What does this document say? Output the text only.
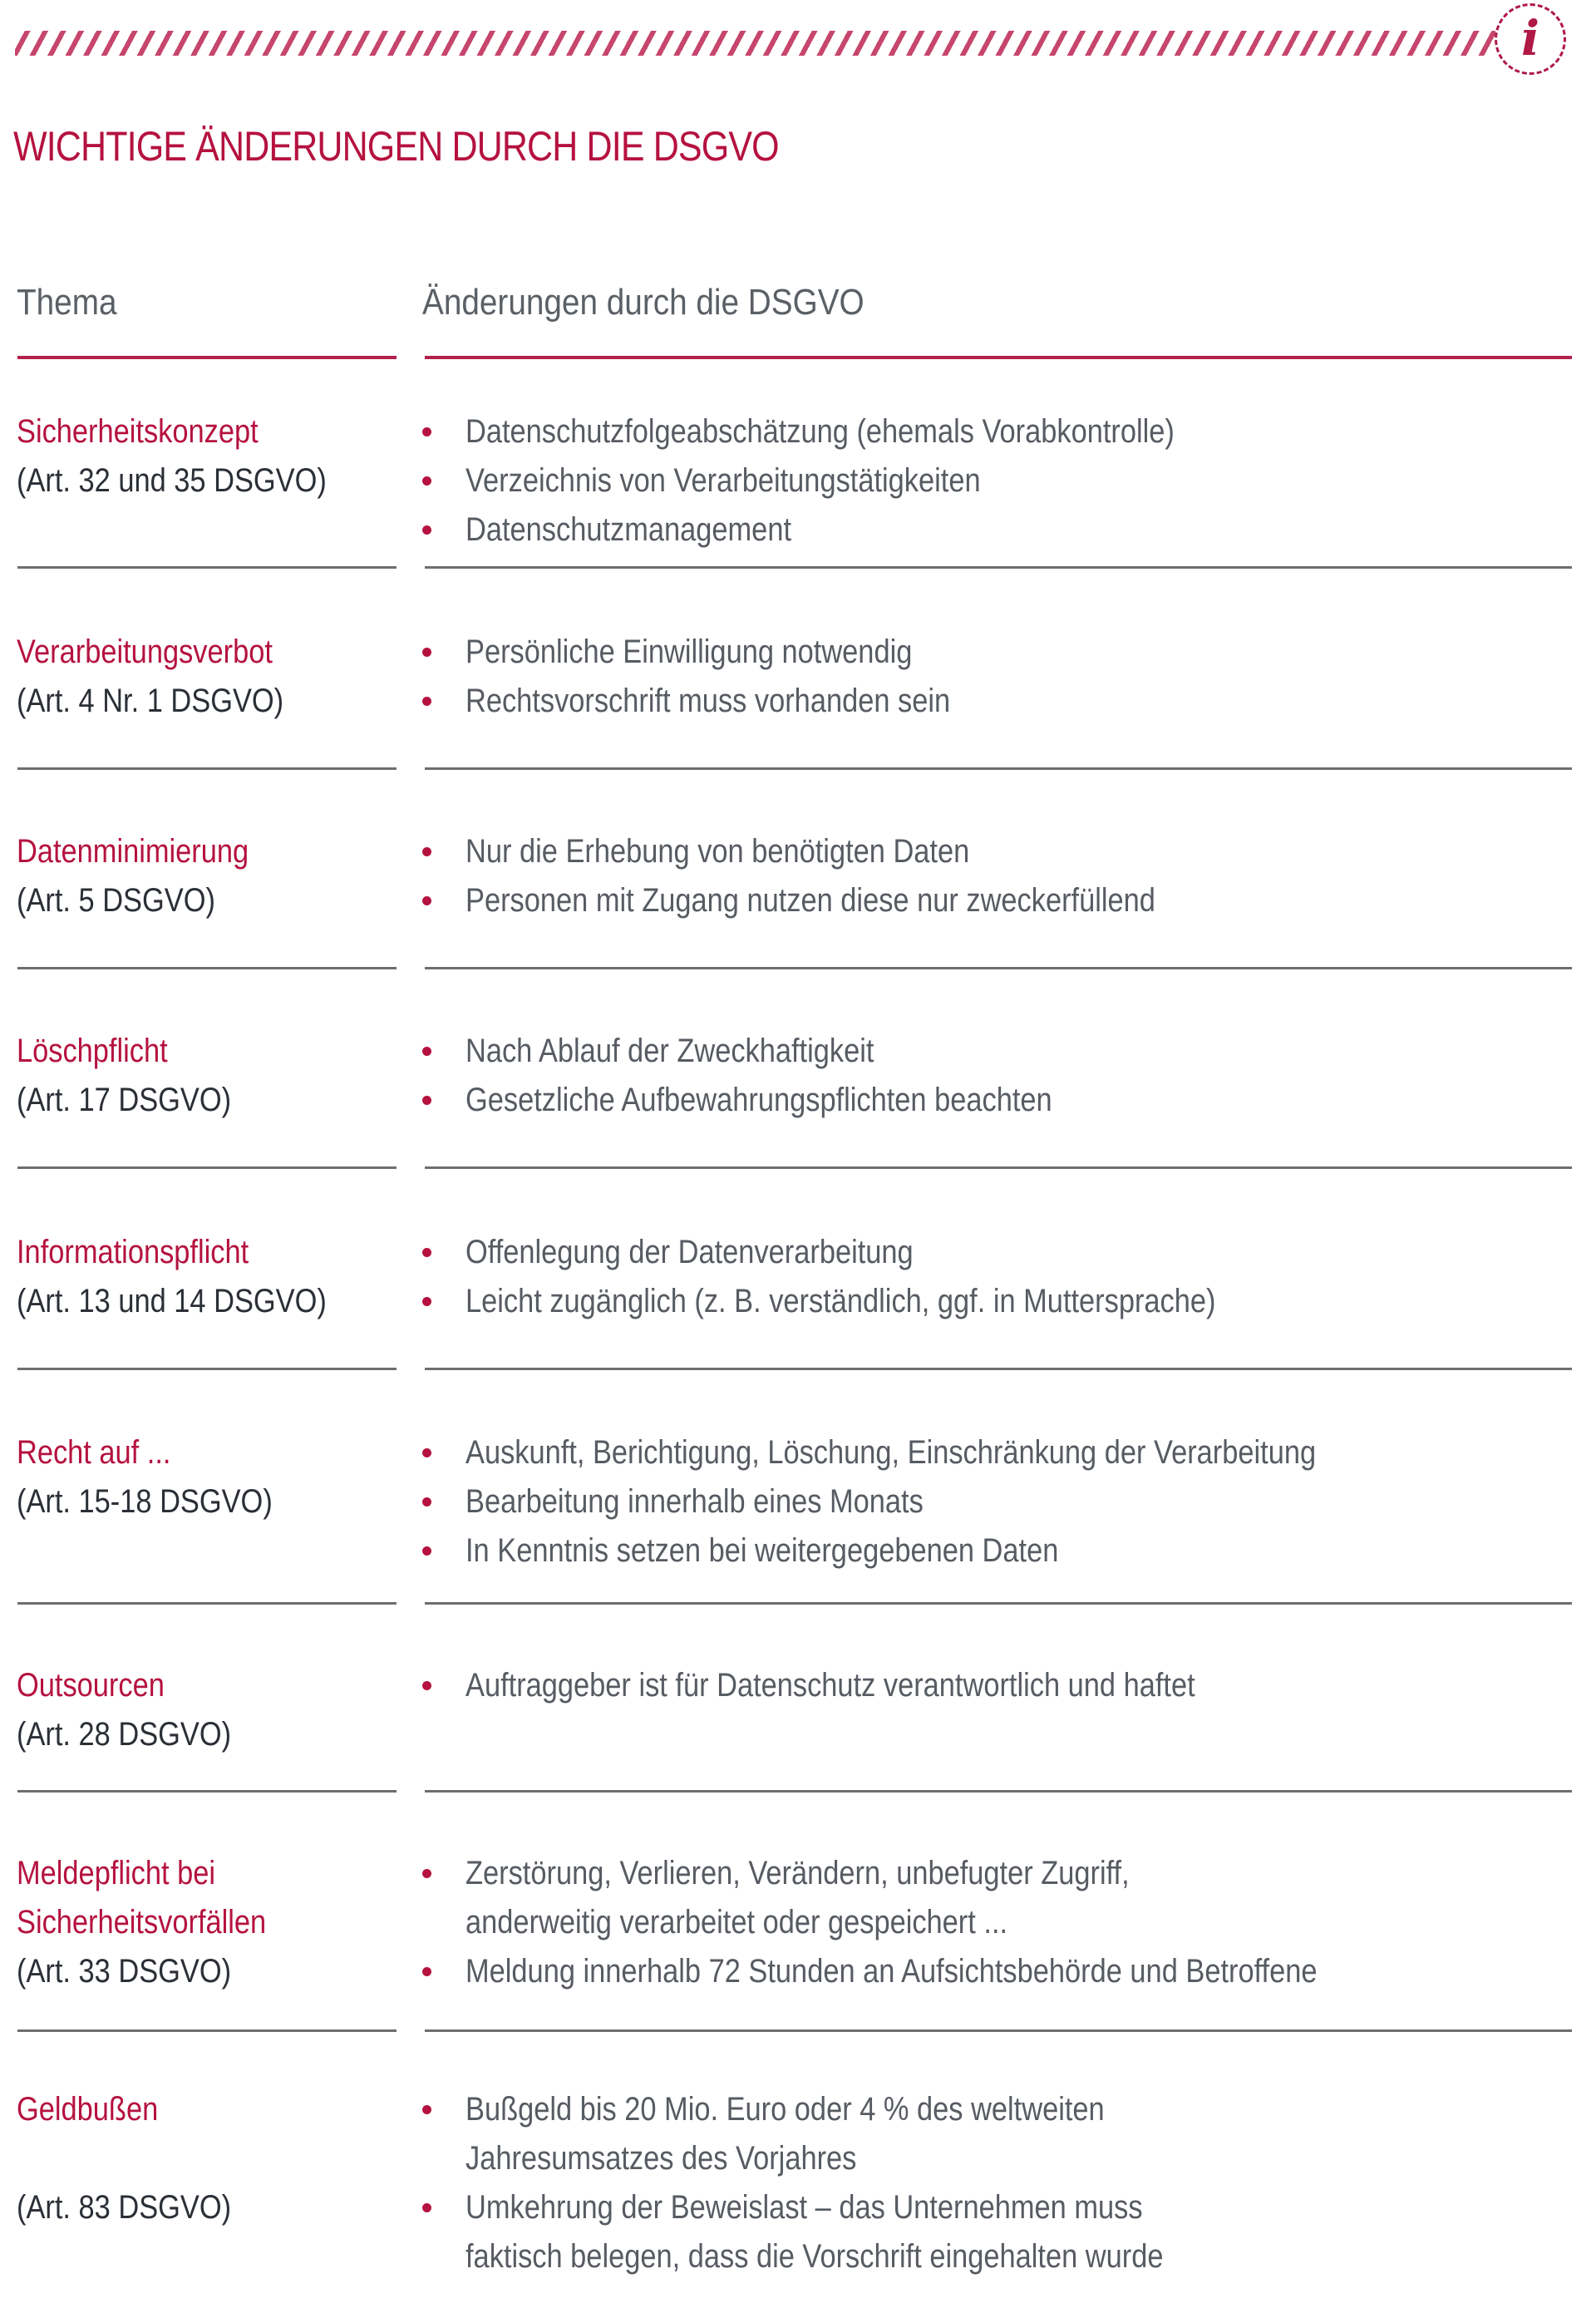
i
WICHTIGE ÄNDERUNGEN DURCH DIE DSGVO
Thema	Änderungen durch die DSGVO
Sicherheitskonzept
(Art. 32 und 35 DSGVO)
Datenschutzfolgeabschätzung (ehemals Vorabkontrolle)
Verzeichnis von Verarbeitungstätigkeiten
Datenschutzmanagement
Verarbeitungsverbot
(Art. 4 Nr. 1 DSGVO)
Persönliche Einwilligung notwendig
Rechtsvorschrift muss vorhanden sein
Datenminimierung
(Art. 5 DSGVO)
Nur die Erhebung von benötigten Daten
Personen mit Zugang nutzen diese nur zweckerfüllend
Löschpflicht
(Art. 17 DSGVO)
Nach Ablauf der Zweckhaftigkeit
Gesetzliche Aufbewahrungspflichten beachten
Informationspflicht
(Art. 13 und 14 DSGVO)
Offenlegung der Datenverarbeitung
Leicht zugänglich (z. B. verständlich, ggf. in Muttersprache)
Recht auf ...
(Art. 15-18 DSGVO)
Auskunft, Berichtigung, Löschung, Einschränkung der Verarbeitung
Bearbeitung innerhalb eines Monats
In Kenntnis setzen bei weitergegebenen Daten
Outsourcen
(Art. 28 DSGVO)
Auftraggeber ist für Datenschutz verantwortlich und haftet
Meldepflicht bei
Sicherheitsvorfällen
(Art. 33 DSGVO)
Zerstörung, Verlieren, Verändern, unbefugter Zugriff,
anderweitig verarbeitet oder gespeichert ...
Meldung innerhalb 72 Stunden an Aufsichtsbehörde und Betroffene
Geldbußen
(Art. 83 DSGVO)
Bußgeld bis 20 Mio. Euro oder 4 % des weltweiten
Jahresumsatzes des Vorjahres
Umkehrung der Beweislast – das Unternehmen muss
faktisch belegen, dass die Vorschrift eingehalten wurde
